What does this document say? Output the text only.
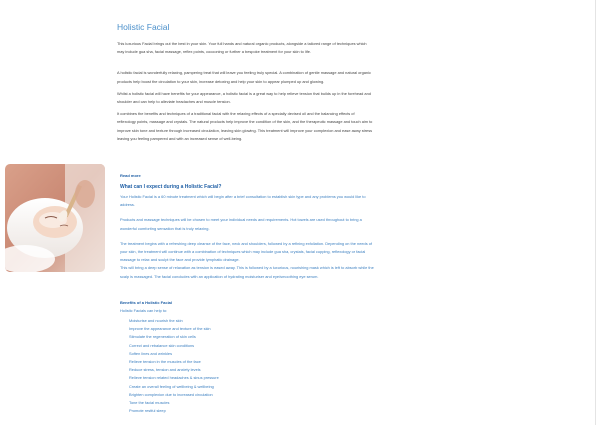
Holistic Facial

This luxurious Facial brings out the best in your skin. Your full hands and natural organic products, alongside a tailored range of techniques which may include gua sha, facial massage, reflex points, cocooning or further a bespoke treatment for your skin to life.

A holistic facial is wonderfully relaxing, pampering treat that will leave you feeling truly special. A combination of gentle massage and natural organic products help boost the circulation to your skin, increase detoxing and help your skin to appear plumped up and glowing.

Whilst a holistic facial will have benefits for your appearance, a holistic facial is a great way to help relieve tension that builds up in the forehead and shoulder and can help to alleviate headaches and muscle tension.

It combines the benefits and techniques of a traditional facial with the relaxing effects of a specially devised oil and the balancing effects of reflexology points, massage and crystals. The natural products help improve the condition of the skin, and the therapeutic massage and touch aim to improve skin tone and texture through increased circulation, leaving skin glowing. This treatment will improve your complexion and ease away stress leaving you feeling pampered and with an increased sense of well-being.

Read more
What can I expect during a Holistic Facial?

Your Holistic Facial is a 60 minute treatment which will begin after a brief consultation to establish skin type and any problems you would like to address.

Products and massage techniques will be chosen to meet your individual needs and requirements. Hot towels are used throughout to bring a wonderful comforting sensation that is truly relaxing.

The treatment begins with a refreshing deep cleanse of the face, neck and shoulders, followed by a refining exfoliation. Depending on the needs of your skin, the treatment will continue with a combination of techniques which may include gua sha, crystals, facial cupping, reflexology or facial massage to relax and sculpt the face and provide lymphatic drainage.

This will bring a deep sense of relaxation as tension is eased away. This is followed by a luxurious, nourishing mask which is left to absorb while the scalp is massaged. The facial concludes with an application of hydrating moisturiser and eye/smoothing eye serum.

Benefits of a Holistic Facial
Holistic Facials can help to:
Moisturise and nourish the skin
Improve the appearance and texture of the skin
Stimulate the regeneration of skin cells
Correct and rebalance skin conditions
Soften lines and wrinkles
Relieve tension in the muscles of the face
Reduce stress, tension and anxiety levels
Relieve tension related headaches & sinus pressure
Create an overall feeling of wellbeing & wellbeing
Brighten complexion due to increased circulation
Tone the facial muscles
Promote restful sleep
